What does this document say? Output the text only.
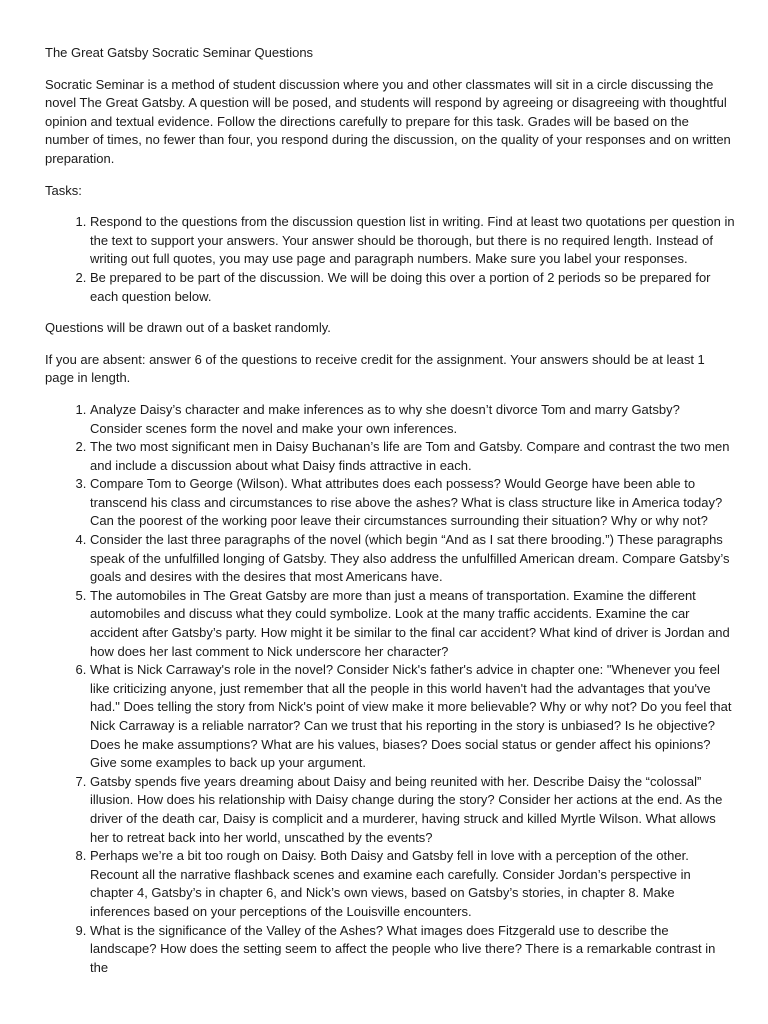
The Great Gatsby Socratic Seminar Questions

Socratic Seminar is a method of student discussion where you and other classmates will sit in a circle discussing the novel The Great Gatsby. A question will be posed, and students will respond by agreeing or disagreeing with thoughtful opinion and textual evidence. Follow the directions carefully to prepare for this task. Grades will be based on the number of times, no fewer than four, you respond during the discussion, on the quality of your responses and on written preparation.

Tasks:

1. Respond to the questions from the discussion question list in writing. Find at least two quotations per question in the text to support your answers. Your answer should be thorough, but there is no required length. Instead of writing out full quotes, you may use page and paragraph numbers. Make sure you label your responses.
2. Be prepared to be part of the discussion. We will be doing this over a portion of 2 periods so be prepared for each question below.

Questions will be drawn out of a basket randomly.

If you are absent: answer 6 of the questions to receive credit for the assignment. Your answers should be at least 1 page in length.

1. Analyze Daisy’s character and make inferences as to why she doesn’t divorce Tom and marry Gatsby? Consider scenes form the novel and make your own inferences.
2. The two most significant men in Daisy Buchanan’s life are Tom and Gatsby. Compare and contrast the two men and include a discussion about what Daisy finds attractive in each.
3. Compare Tom to George (Wilson). What attributes does each possess? Would George have been able to transcend his class and circumstances to rise above the ashes? What is class structure like in America today? Can the poorest of the working poor leave their circumstances surrounding their situation? Why or why not?
4. Consider the last three paragraphs of the novel (which begin “And as I sat there brooding.”) These paragraphs speak of the unfulfilled longing of Gatsby. They also address the unfulfilled American dream. Compare Gatsby’s goals and desires with the desires that most Americans have.
5. The automobiles in The Great Gatsby are more than just a means of transportation. Examine the different automobiles and discuss what they could symbolize. Look at the many traffic accidents. Examine the car accident after Gatsby’s party. How might it be similar to the final car accident? What kind of driver is Jordan and how does her last comment to Nick underscore her character?
6. What is Nick Carraway's role in the novel? Consider Nick's father's advice in chapter one: "Whenever you feel like criticizing anyone, just remember that all the people in this world haven't had the advantages that you've had." Does telling the story from Nick's point of view make it more believable? Why or why not? Do you feel that Nick Carraway is a reliable narrator? Can we trust that his reporting in the story is unbiased? Is he objective? Does he make assumptions? What are his values, biases? Does social status or gender affect his opinions? Give some examples to back up your argument.
7. Gatsby spends five years dreaming about Daisy and being reunited with her. Describe Daisy the “colossal” illusion. How does his relationship with Daisy change during the story? Consider her actions at the end. As the driver of the death car, Daisy is complicit and a murderer, having struck and killed Myrtle Wilson. What allows her to retreat back into her world, unscathed by the events?
8. Perhaps we’re a bit too rough on Daisy. Both Daisy and Gatsby fell in love with a perception of the other. Recount all the narrative flashback scenes and examine each carefully. Consider Jordan’s perspective in chapter 4, Gatsby’s in chapter 6, and Nick’s own views, based on Gatsby’s stories, in chapter 8. Make inferences based on your perceptions of the Louisville encounters.
9. What is the significance of the Valley of the Ashes? What images does Fitzgerald use to describe the landscape? How does the setting seem to affect the people who live there? There is a remarkable contrast in the
